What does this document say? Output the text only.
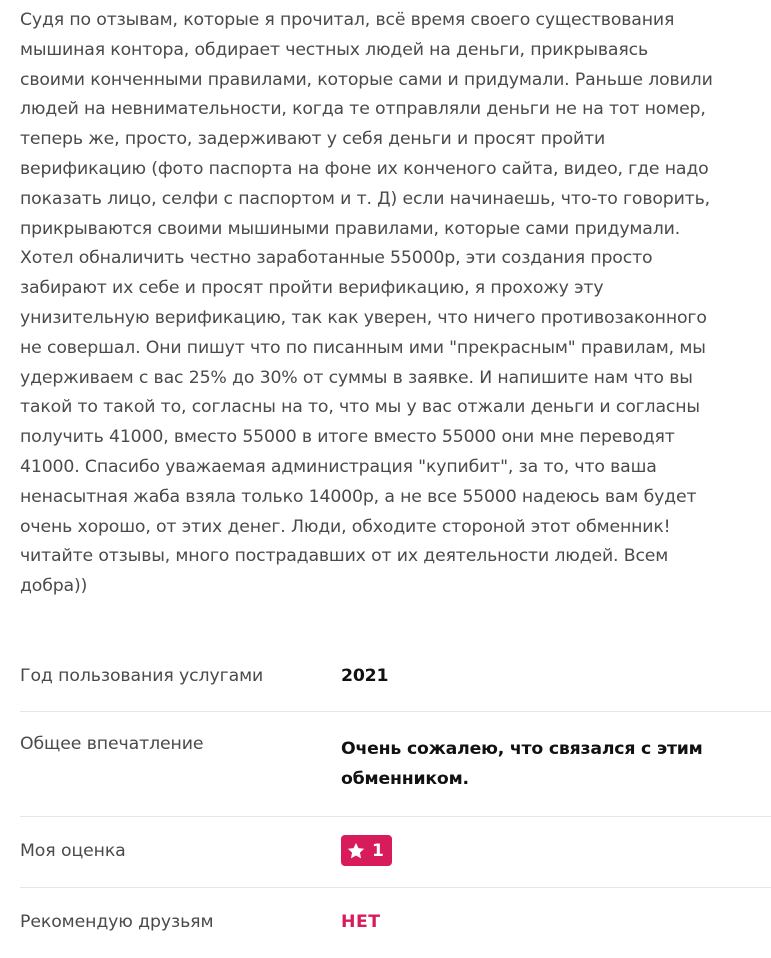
Судя по отзывам, которые я прочитал, всё время своего существования
мышиная контора, обдирает честных людей на деньги, прикрываясь
своими конченными правилами, которые сами и придумали. Раньше ловили
людей на невнимательности, когда те отправляли деньги не на тот номер,
теперь же, просто, задерживают у себя деньги и просят пройти
верификацию (фото паспорта на фоне их конченого сайта, видео, где надо
показать лицо, селфи с паспортом и т. Д) если начинаешь, что-то говорить,
прикрываются своими мышиными правилами, которые сами придумали.
Хотел обналичить честно заработанные 55000р, эти создания просто
забирают их себе и просят пройти верификацию, я прохожу эту
унизительную верификацию, так как уверен, что ничего противозаконного
не совершал. Они пишут что по писанным ими "прекрасным" правилам, мы
удерживаем с вас 25% до 30% от суммы в заявке. И напишите нам что вы
такой то такой то, согласны на то, что мы у вас отжали деньги и согласны
получить 41000, вместо 55000 в итоге вместо 55000 они мне переводят
41000. Спасибо уважаемая администрация "купибит", за то, что ваша
ненасытная жаба взяла только 14000р, а не все 55000 надеюсь вам будет
очень хорошо, от этих денег. Люди, обходите стороной этот обменник!
читайте отзывы, много пострадавших от их деятельности людей. Всем
добра))
Год пользования услугами	2021
Общее впечатление	Очень сожалею, что связался с этим
обменником.
Моя оценка	1
Рекомендую друзьям	НЕТ
